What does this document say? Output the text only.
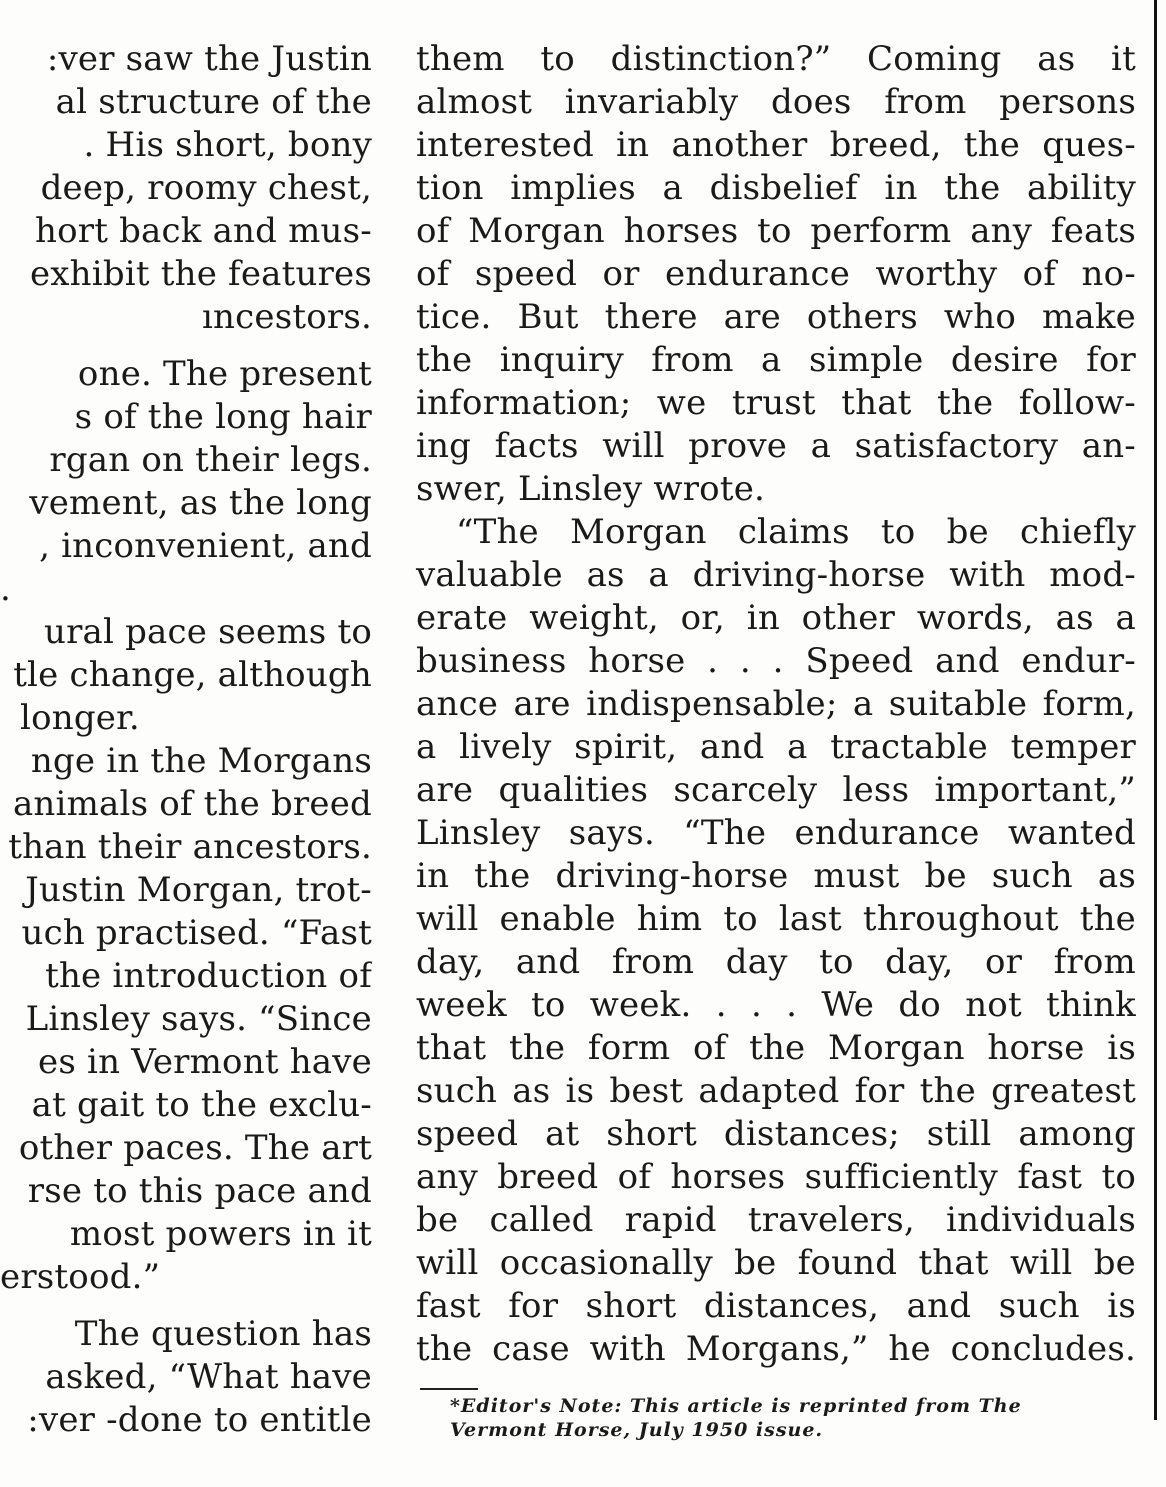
:ver saw the Justin
al structure of the
. His short, bony
deep, roomy chest,
hort back and mus-
exhibit the features
ıncestors.
one. The present
s of the long hair
rgan on their legs.
vement, as the long
, inconvenient, and
.
ural pace seems to
tle change, although
longer.
nge in the Morgans
animals of the breed
than their ancestors.
Justin Morgan, trot-
uch practised. “Fast
the introduction of
Linsley says. “Since
es in Vermont have
at gait to the exclu-
other paces. The art
rse to this pace and
most powers in it
erstood.”
The question has
asked, “What have
:ver -done to entitle
them to distinction?” Coming as it
almost invariably does from persons
interested in another breed, the ques-
tion implies a disbelief in the ability
of Morgan horses to perform any feats
of speed or endurance worthy of no-
tice. But there are others who make
the inquiry from a simple desire for
information; we trust that the follow-
ing facts will prove a satisfactory an-
swer, Linsley wrote.
“The Morgan claims to be chiefly
valuable as a driving-horse with mod-
erate weight, or, in other words, as a
business horse . . . Speed and endur-
ance are indispensable; a suitable form,
a lively spirit, and a tractable temper
are qualities scarcely less important,”
Linsley says. “The endurance wanted
in the driving-horse must be such as
will enable him to last throughout the
day, and from day to day, or from
week to week. . . . We do not think
that the form of the Morgan horse is
such as is best adapted for the greatest
speed at short distances; still among
any breed of horses sufficiently fast to
be called rapid travelers, individuals
will occasionally be found that will be
fast for short distances, and such is
the case with Morgans,” he concludes.
*Editor's Note: This article is reprinted from The
Vermont Horse, July 1950 issue.
